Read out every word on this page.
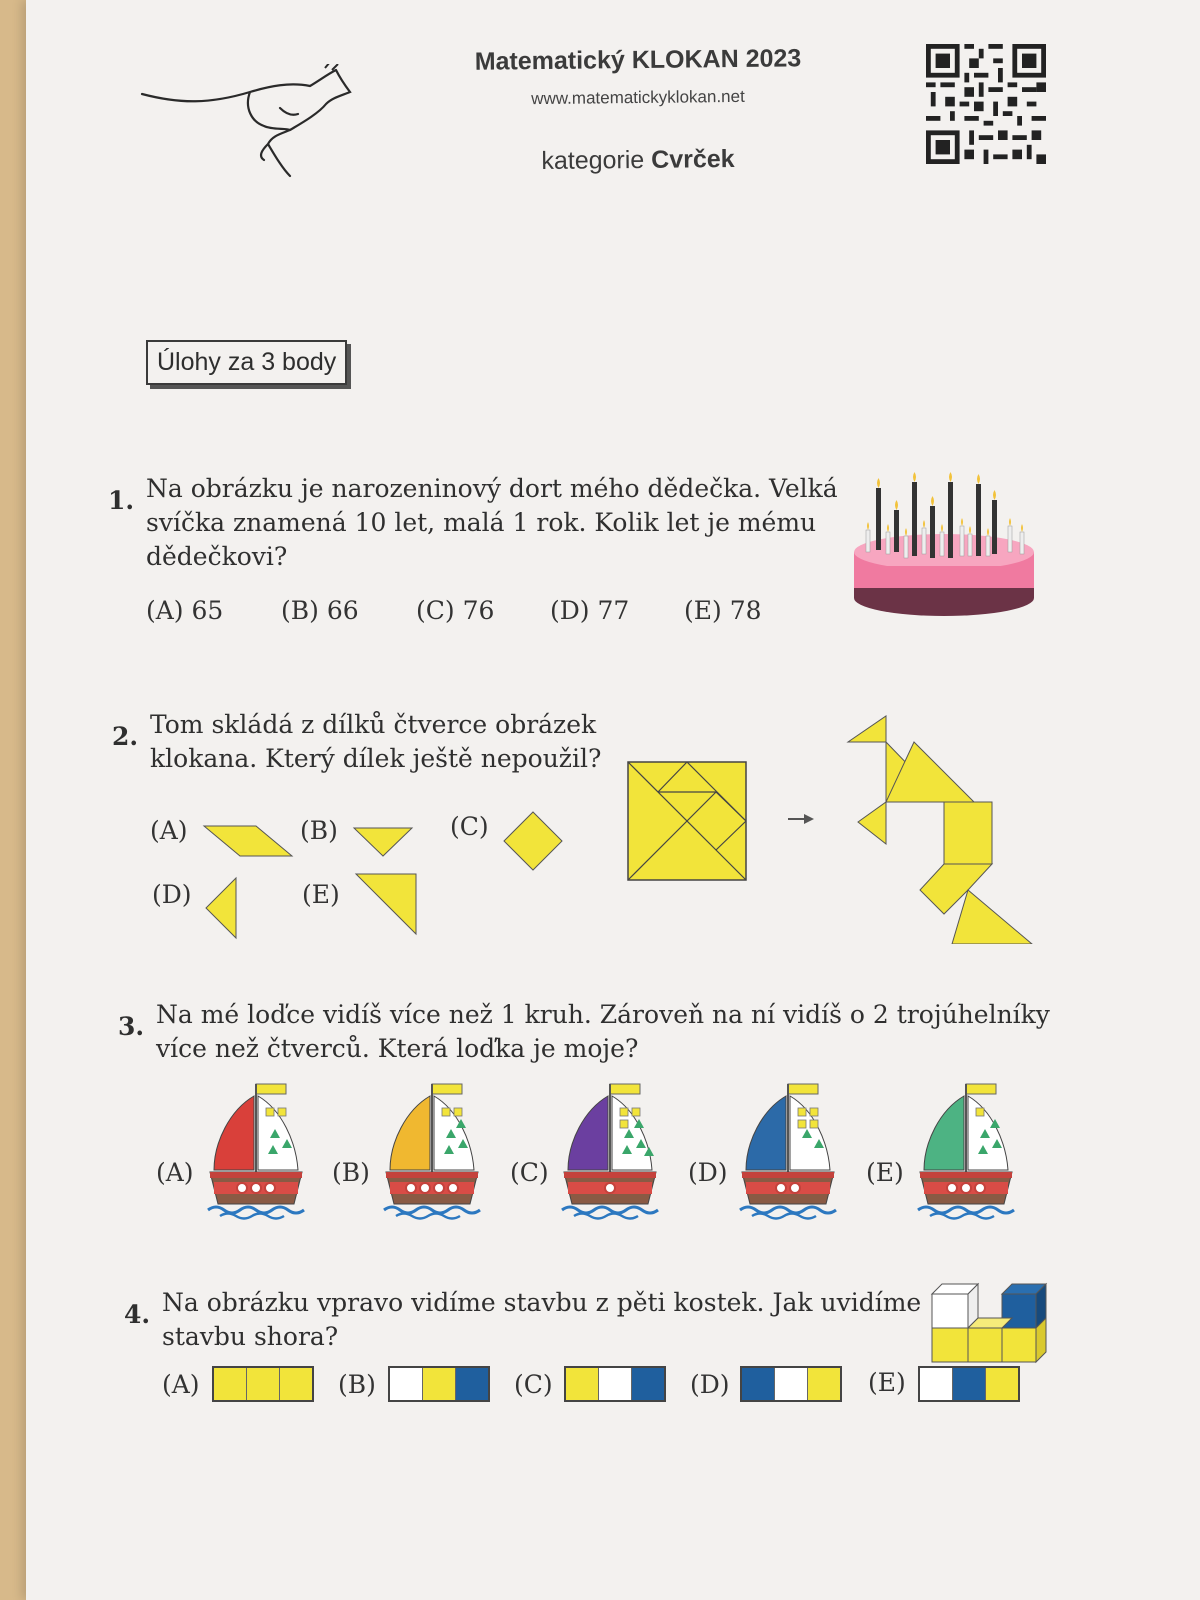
Matematický KLOKAN 2023
www.matematickyklokan.net
kategorie Cvrček
Úlohy za 3 body
1. Na obrázku je narozeninový dort mého dědečka. Velká
svíčka znamená 10 let, malá 1 rok. Kolik let je mému
dědečkovi?
(A) 65 (B) 66 (C) 76 (D) 77 (E) 78
2. Tom skládá z dílků čtverce obrázek
klokana. Který dílek ještě nepoužil?
(A)	(B)	(C)
(D)	(E)
3. Na mé loďce vidíš více než 1 kruh. Zároveň na ní vidíš o 2 trojúhelníky
více než čtverců. Která loďka je moje?
(A)	(B)	(C)	(D)	(E)
4. Na obrázku vpravo vidíme stavbu z pěti kostek. Jak uvidíme
stavbu shora?
(A)	(B)	(C)	(D)	(E)
